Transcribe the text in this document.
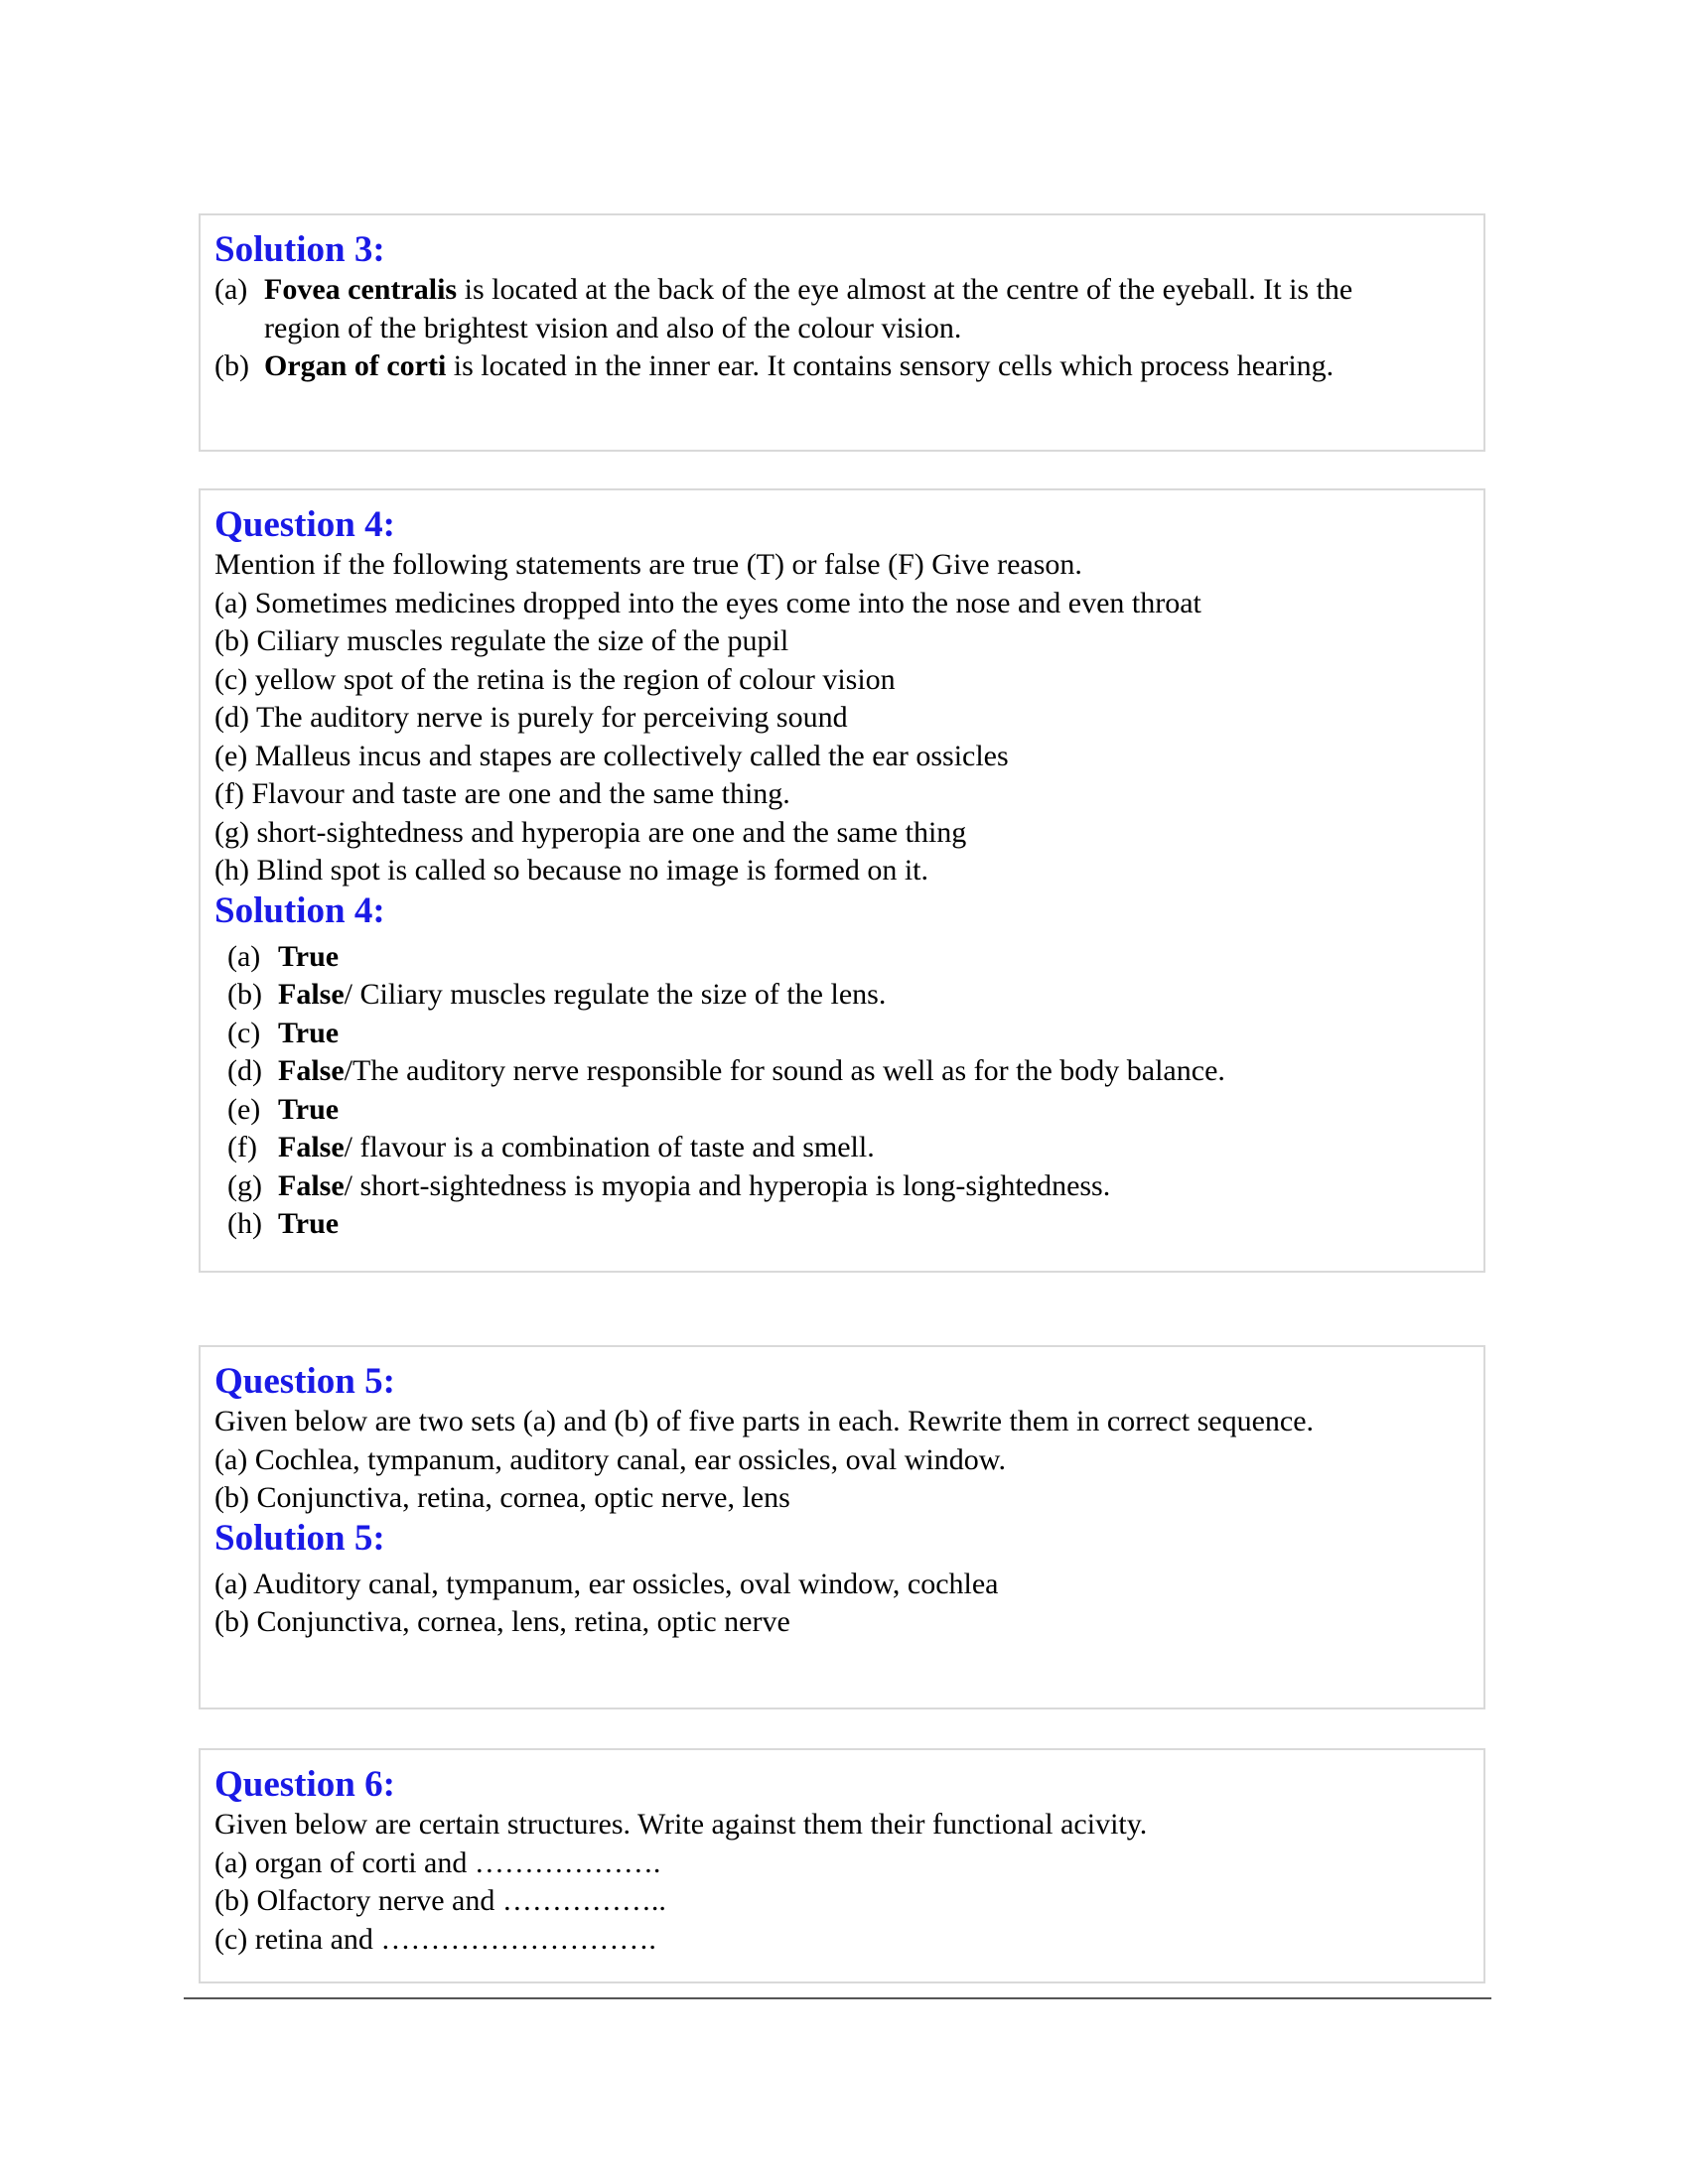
Solution 3:
(a) Fovea centralis is located at the back of the eye almost at the centre of the eyeball. It is the
region of the brightest vision and also of the colour vision.
(b) Organ of corti is located in the inner ear. It contains sensory cells which process hearing.
Question 4:
Mention if the following statements are true (T) or false (F) Give reason.
(a) Sometimes medicines dropped into the eyes come into the nose and even throat
(b) Ciliary muscles regulate the size of the pupil
(c) yellow spot of the retina is the region of colour vision
(d) The auditory nerve is purely for perceiving sound
(e) Malleus incus and stapes are collectively called the ear ossicles
(f) Flavour and taste are one and the same thing.
(g) short-sightedness and hyperopia are one and the same thing
(h) Blind spot is called so because no image is formed on it.
Solution 4:
(a) True
(b) False/ Ciliary muscles regulate the size of the lens.
(c) True
(d) False/The auditory nerve responsible for sound as well as for the body balance.
(e) True
(f) False/ flavour is a combination of taste and smell.
(g) False/ short-sightedness is myopia and hyperopia is long-sightedness.
(h) True
Question 5:
Given below are two sets (a) and (b) of five parts in each. Rewrite them in correct sequence.
(a) Cochlea, tympanum, auditory canal, ear ossicles, oval window.
(b) Conjunctiva, retina, cornea, optic nerve, lens
Solution 5:
(a) Auditory canal, tympanum, ear ossicles, oval window, cochlea
(b) Conjunctiva, cornea, lens, retina, optic nerve
Question 6:
Given below are certain structures. Write against them their functional acivity.
(a) organ of corti and ……………….
(b) Olfactory nerve and ……………..
(c) retina and ……………………….
